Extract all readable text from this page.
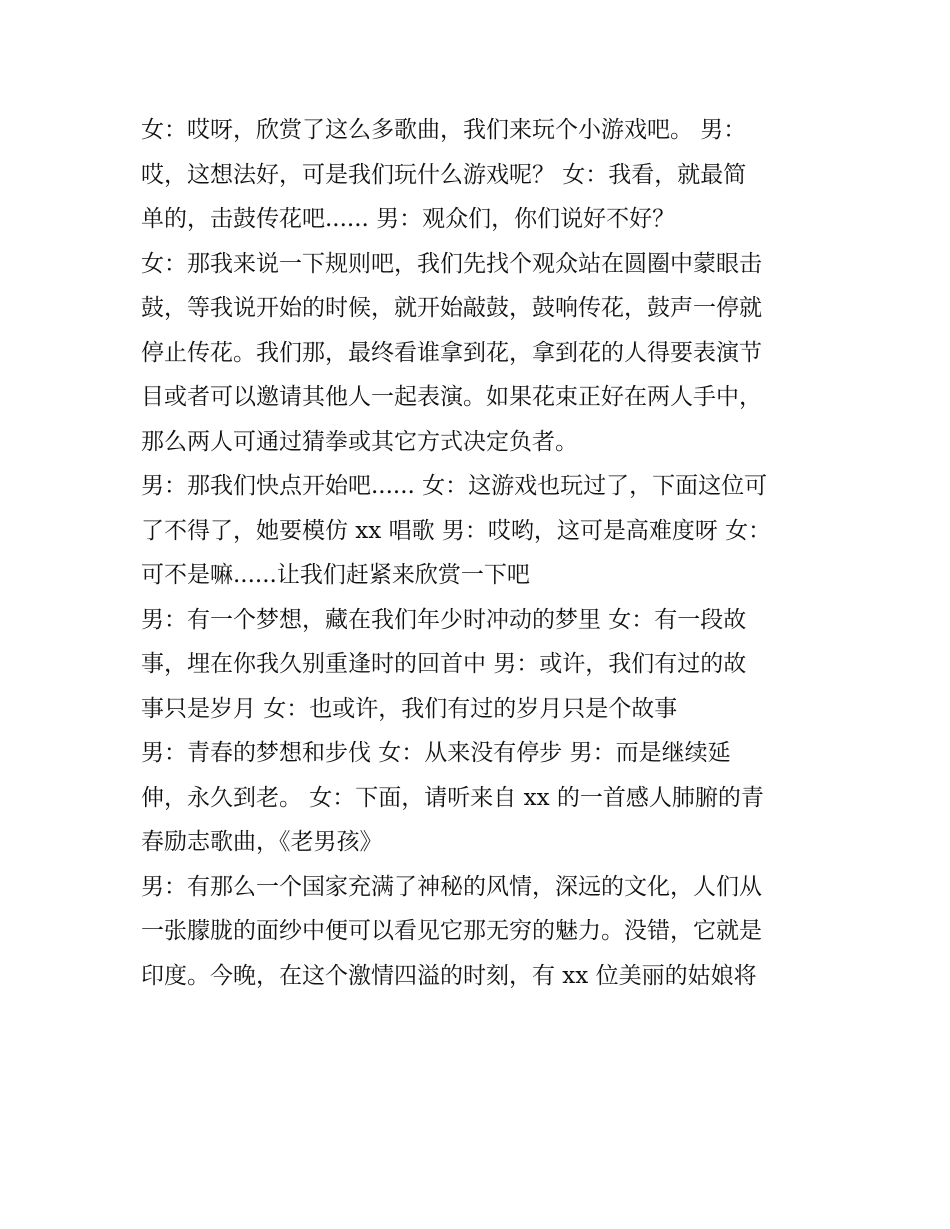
女：哎呀，欣赏了这么多歌曲，我们来玩个小游戏吧。 男：
哎，这想法好，可是我们玩什么游戏呢？ 女：我看，就最简
单的，击鼓传花吧...... 男：观众们，你们说好不好？
女：那我来说一下规则吧，我们先找个观众站在圆圈中蒙眼击
鼓，等我说开始的时候，就开始敲鼓，鼓响传花，鼓声一停就
停止传花。我们那，最终看谁拿到花，拿到花的人得要表演节
目或者可以邀请其他人一起表演。如果花束正好在两人手中，
那么两人可通过猜拳或其它方式决定负者。
男：那我们快点开始吧...... 女：这游戏也玩过了，下面这位可
了不得了，她要模仿 xx 唱歌 男：哎哟，这可是高难度呀 女：
可不是嘛......让我们赶紧来欣赏一下吧
男：有一个梦想，藏在我们年少时冲动的梦里 女：有一段故
事，埋在你我久别重逢时的回首中 男：或许，我们有过的故
事只是岁月 女：也或许，我们有过的岁月只是个故事
男：青春的梦想和步伐 女：从来没有停步 男：而是继续延
伸，永久到老。 女：下面，请听来自 xx 的一首感人肺腑的青
春励志歌曲，《老男孩》
男：有那么一个国家充满了神秘的风情，深远的文化，人们从
一张朦胧的面纱中便可以看见它那无穷的魅力。没错，它就是
印度。今晚，在这个激情四溢的时刻，有 xx 位美丽的姑娘将
